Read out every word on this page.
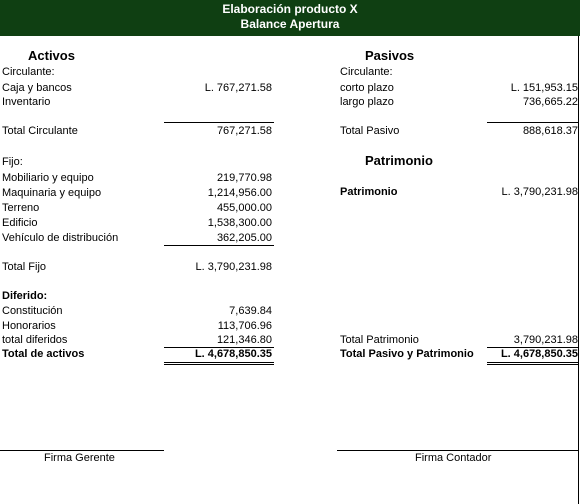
Elaboración producto X
Balance Apertura
Activos
Circulante:
Caja y bancos	L. 767,271.58
Inventario
Total Circulante	767,271.58
Fijo:
Mobiliario y equipo	219,770.98
Maquinaria y equipo	1,214,956.00
Terreno	455,000.00
Edificio	1,538,300.00
Vehículo de distribución	362,205.00
Total Fijo	L. 3,790,231.98
Diferido:
Constitución	7,639.84
Honorarios	113,706.96
total diferidos	121,346.80
Total de activos	L. 4,678,850.35
Pasivos
Circulante:
corto plazo	L. 151,953.15
largo plazo	736,665.22
Total Pasivo	888,618.37
Patrimonio
Patrimonio	L. 3,790,231.98
Total Patrimonio	3,790,231.98
Total Pasivo y Patrimonio L. 4,678,850.35
Firma Gerente	Firma Contador
